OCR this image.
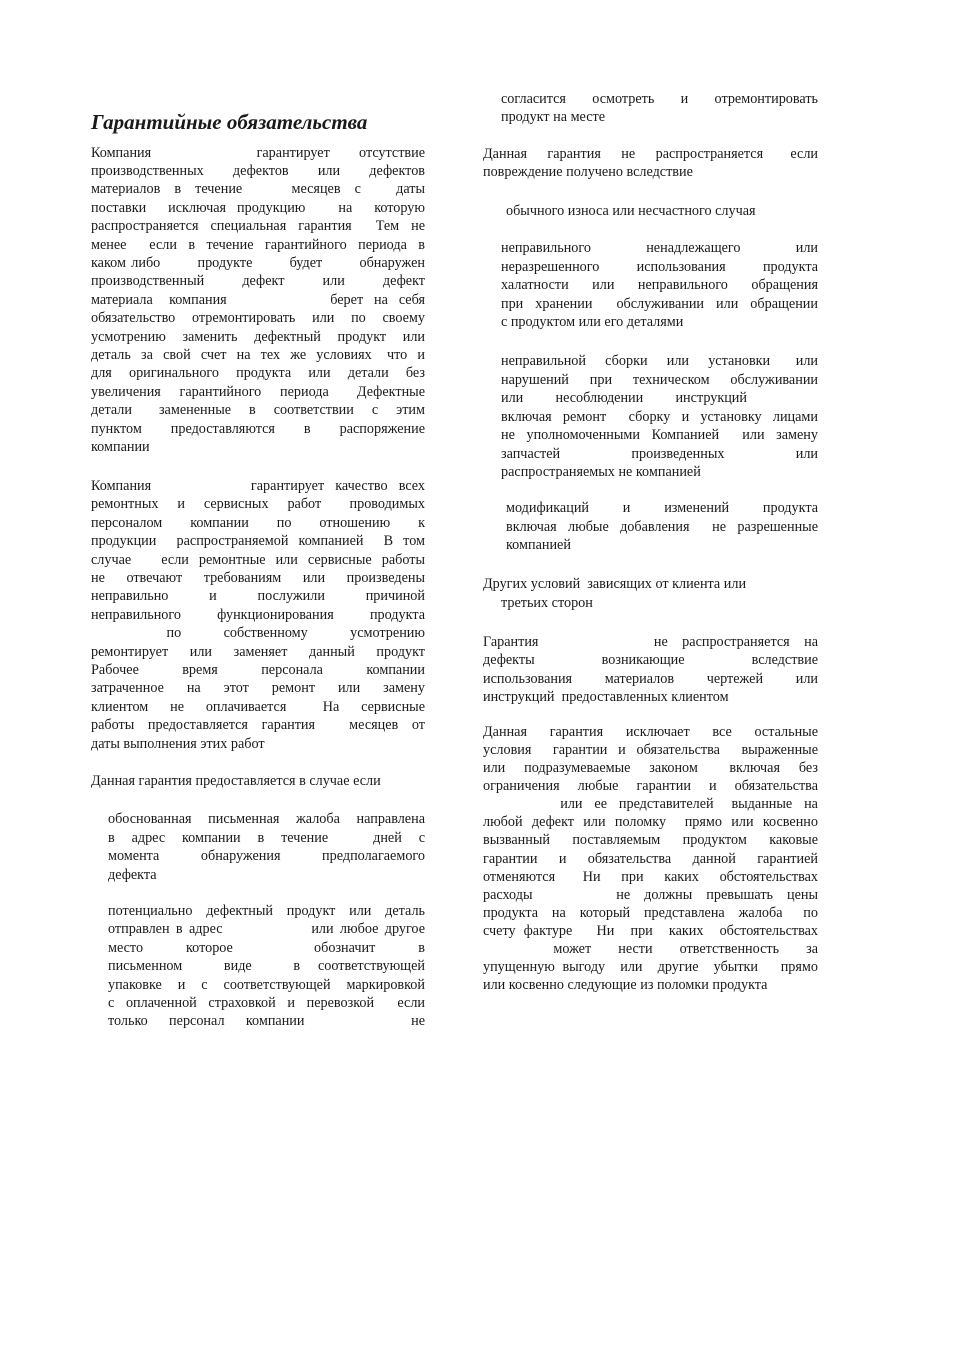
Гарантийные обязательства
Компания                  гарантирует     отсутствие
производственных   дефектов   или   дефектов
материалов  в  течение       месяцев  с     даты
поставки  исключая продукцию   на  которую
распространяется специальная гарантия  Тем не
менее  если в течение гарантийного периода в
каком либо       продукте       будет       обнаружен
производственный       дефект       или       дефект
материала   компания                   берет  на  себя
обязательство отремонтировать или по своему
усмотрению  заменить  дефектный  продукт  или
деталь  за  свой  счет  на  тех  же  условиях   что  и
для   оригинального   продукта   или   детали   без
увеличения  гарантийного  периода   Дефектные
детали   замененные  в  соответствии  с  этим
пунктом     предоставляются     в     распоряжение
компании
Компания                  гарантирует  качество  всех
ремонтных  и  сервисных  работ   проводимых
персоналом     компании     по     отношению     к
продукции  распространяемой компанией  В том
случае   если ремонтные или сервисные работы
не   отвечают   требованиям   или   произведены
неправильно       и       послужили       причиной
неправильного   функционирования   продукта
по         собственному         усмотрению
ремонтирует  или  заменяет  данный  продукт
Рабочее         время         персонала         компании
затраченное   на   этот   ремонт   или   замену
клиентом   не   оплачивается     На   сервисные
работы  предоставляется  гарантия     месяцев  от
даты выполнения этих работ
Данная гарантия предоставляется в случае если
обоснованная письменная жалоба направлена
в   адрес   компании   в   течение        дней   с
момента       обнаружения       предполагаемого
дефекта
потенциально дефектный продукт или деталь
отправлен в адрес              или любое другое
место         которое                 обозначит         в
письменном       виде       в   соответствующей
упаковке и с соответствующей маркировкой
с оплаченной страховкой и перевозкой  если
только    персонал    компании                    не
согласится    осмотреть    и    отремонтировать
продукт на месте
Данная   гарантия   не   распространяется    если
повреждение получено вследствие
обычного износа или несчастного случая
неправильного          ненадлежащего          или
неразрешенного    использования    продукта
халатности  или  неправильного  обращения
при хранении  обслуживании или обращении
с продуктом или его деталями
неправильной   сборки   или   установки    или
нарушений  при  техническом  обслуживании
или     несоблюдении     инструкций
включая ремонт  сборку и установку лицами
не уполномоченными Компанией  или замену
запчастей               произведенных               или
распространяемых не компанией
модификаций     и     изменений     продукта
включая любые добавления  не разрешенные
компанией
Других условий  зависящих от клиента или
третьих сторон
Гарантия                        не   распространяется   на
дефекты             возникающие             вследствие
использования       материалов       чертежей       или
инструкций  предоставленных клиентом
Данная   гарантия   исключает   все   остальные
условия  гарантии и обязательства  выраженные
или   подразумеваемые   законом     включая   без
ограничения  любые  гарантии  и  обязательства
или  ее  представителей   выданные  на
любой дефект или поломку  прямо или косвенно
вызванный  поставляемым  продуктом  каковые
гарантии   и   обязательства   данной   гарантией
отменяются    Ни   при   каких   обстоятельствах
расходы                  не   должны   превышать   цены
продукта  на  который  представлена  жалоба   по
счету фактуре   Ни  при  каких  обстоятельствах
может     нести     ответственность     за
упущенную выгоду  или  другие  убытки   прямо
или косвенно следующие из поломки продукта
